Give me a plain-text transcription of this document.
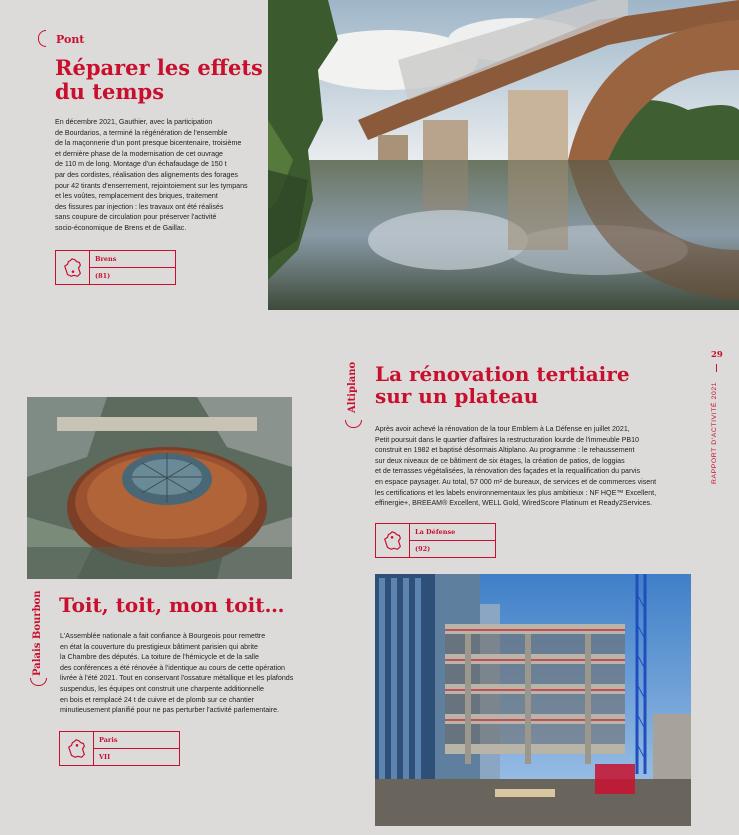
Pont
Réparer les effets
du temps
En décembre 2021, Gauthier, avec la participation
de Bourdarios, a terminé la régénération de l'ensemble
de la maçonnerie d'un pont presque bicentenaire, troisième
et dernière phase de la modernisation de cet ouvrage
de 110 m de long. Montage d'un échafaudage de 150 t
par des cordistes, réalisation des alignements des forages
pour 42 tirants d'enserrement, rejointoiement sur les tympans
et les voûtes, remplacement des briques, traitement
des fissures par injection : les travaux ont été réalisés
sans coupure de circulation pour préserver l'activité
socio-économique de Brens et de Gaillac.
Brens
(81)
29
RAPPORT D'ACTIVITÉ 2021
Palais Bourbon Toit, toit, mon toit…
L'Assemblée nationale a fait confiance à Bourgeois pour remettre
en état la couverture du prestigieux bâtiment parisien qui abrite
la Chambre des députés. La toiture de l'hémicycle et de la salle
des conférences a été rénovée à l'identique au cours de cette opération
livrée à l'été 2021. Tout en conservant l'ossature métallique et les plafonds
suspendus, les équipes ont construit une charpente additionnelle
en bois et remplacé 24 t de cuivre et de plomb sur ce chantier
minutieusement planifié pour ne pas perturber l'activité parlementaire.
Paris
VII
Altiplano La rénovation tertiaire
sur un plateau
Après avoir achevé la rénovation de la tour Emblem à La Défense en juillet 2021,
Petit poursuit dans le quartier d'affaires la restructuration lourde de l'immeuble PB10
construit en 1982 et baptisé désormais Altiplano. Au programme : le rehaussement
sur deux niveaux de ce bâtiment de six étages, la création de patios, de loggias
et de terrasses végétalisées, la rénovation des façades et la requalification du parvis
en espace paysager. Au total, 57 000 m² de bureaux, de services et de commerces visent
les certifications et les labels environnementaux les plus ambitieux : NF HQE™ Excellent,
effinergie+, BREEAM® Excellent, WELL Gold, WiredScore Platinum et Ready2Services.
La Défense
(92)
